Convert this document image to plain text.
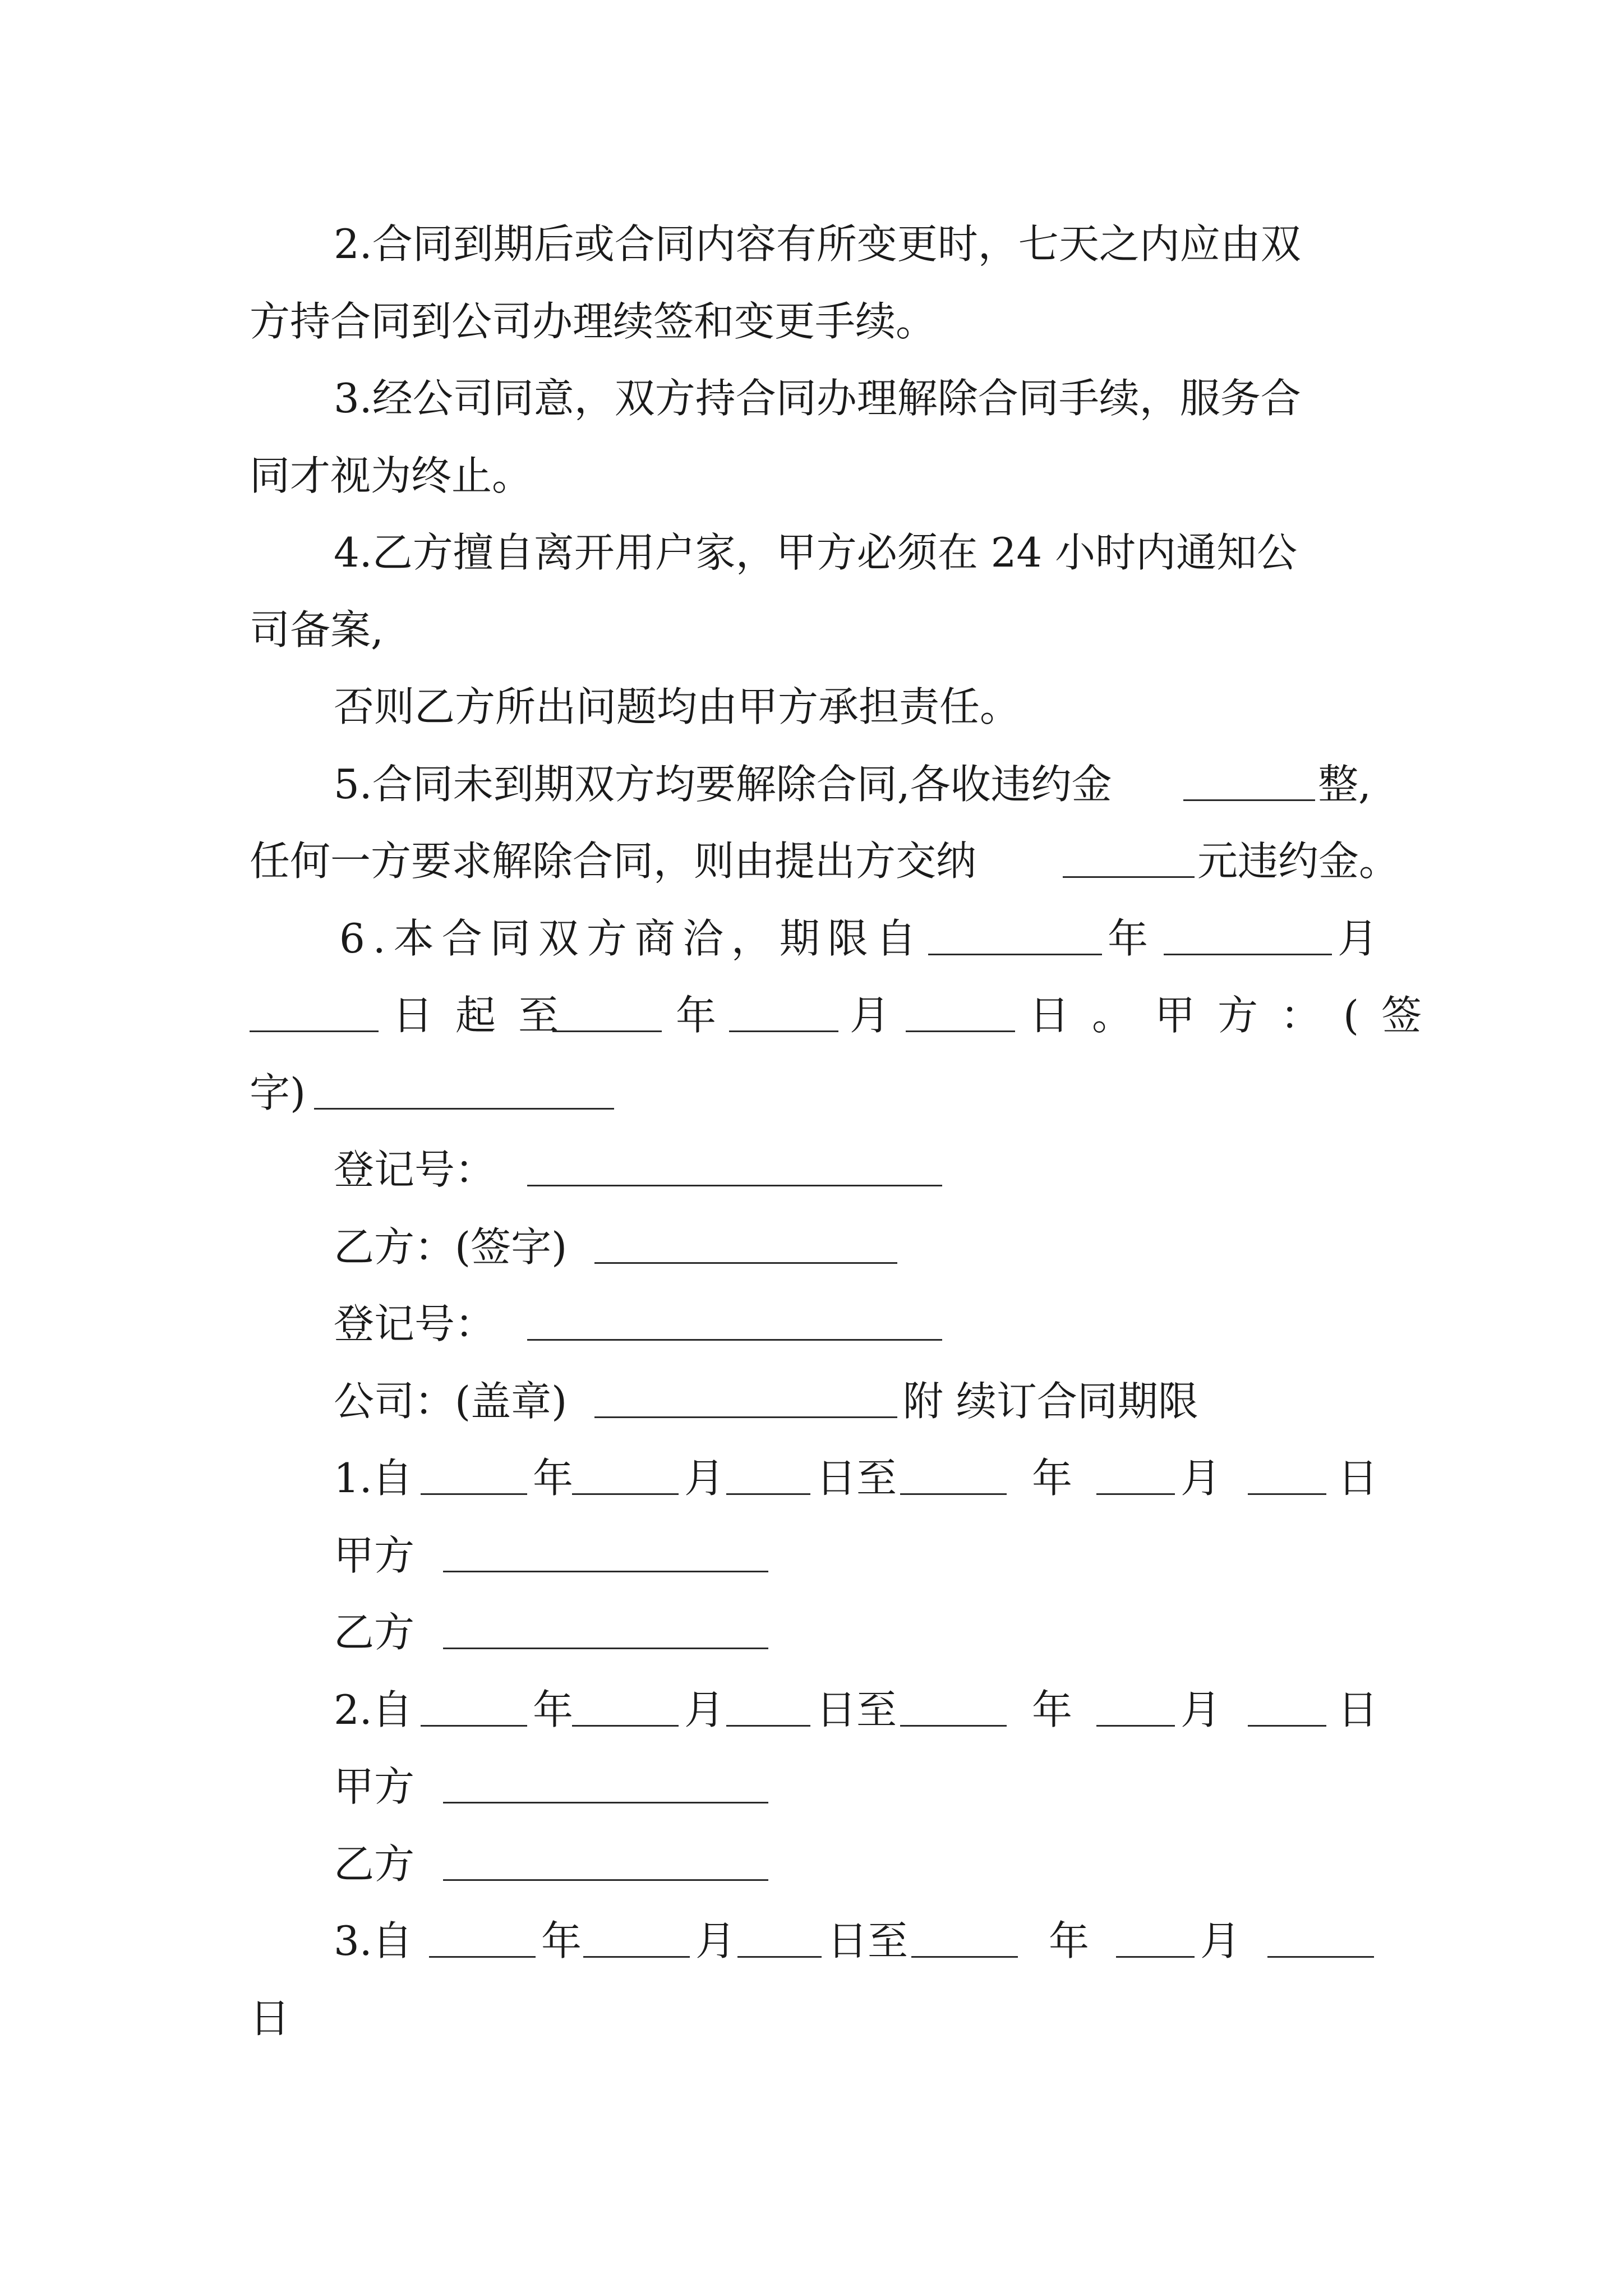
2.合同到期后或合同内容有所变更时，七天之内应由双
方持合同到公司办理续签和变更手续。
3.经公司同意，双方持合同办理解除合同手续，服务合
同才视为终止。
4.乙方擅自离开用户家，甲方必须在 24 小时内通知公
司备案,
否则乙方所出问题均由甲方承担责任。
5.合同未到期双方均要解除合同,各收违约金	整,
任何一方要求解除合同，则由提出方交纳	元违约金。
6.本合同双方商洽，期限自	年	月
日起至 年	月	日。甲方：(签
字)
登记号：
乙方：(签字)
登记号：
公司：(盖章)	附 续订合同期限
1.自	年	月 日至	年	月	日
甲方
乙方
2.自	年	月 日至	年	月	日
甲方
乙方
3.自	年	月 日至	年	月
日
